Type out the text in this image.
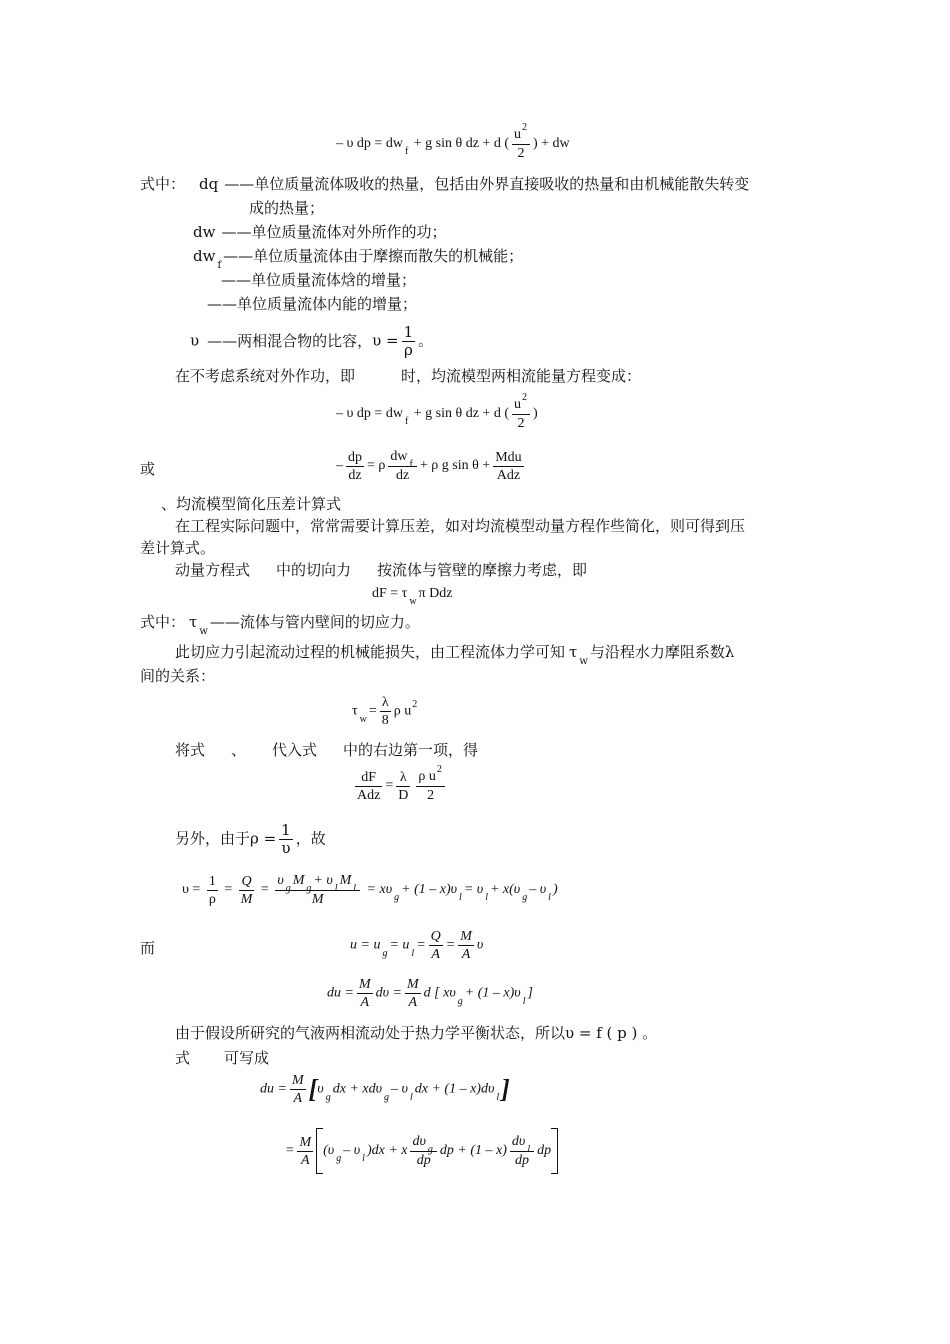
– υ dp = $dw_f + g$ sin θ dz + d ( $\frac{u^2}{2}$ ) + dw
式中： dq ——单位质量流体吸收的热量，包括由外界直接吸收的热量和由机械能散失转变
成的热量；
dw ——单位质量流体对外所作的功；
$dw_f——$单位质量流体由于摩擦而散失的机械能；
——单位质量流体焓的增量；
——单位质量流体内能的增量；
υ ——两相混合物的比容，$\upsilon = \frac{1}{\rho}$ 。
在不考虑系统对外作功，即	时，均流模型两相流能量方程变成：
– υ dp = $dw_f + g$ sin θ dz + d ( $\frac{u^2}{2}$ )
或	– $\frac{dp}{dz} = \rho \frac{dw_f}{dz} + \rho$ g $\sin \theta + \frac{\text{Mdu}}{\text{Adz}}$
、均流模型简化压差计算式
在工程实际问题中，常常需要计算压差，如对均流模型动量方程作些简化，则可得到压
差计算式。
动量方程式 中的切向力 按流体与管壁的摩擦力考虑，即
dF = $\tau_w\pi$ Ddz
式中： $\tau_w——$流体与管内壁间的切应力。
此切应力引起流动过程的机械能损失，由工程流体力学可知 $\tau_w$与沿程水力摩阻系数λ
间的关系：
$\tau_w= \frac{\lambda}{8}$ ρ $u^2$
将式 、 代入式 中的右边第一项，得
$\frac{dF}{\text{Adz}} = \frac{\lambda}{D} \frac{\rho u^2}{2}$
另外，由于$\rho = \frac{1}{\upsilon}$ ，故
$\upsilon = \frac{1}{\rho} = \frac{Q}{M} = \frac{\upsilon_gM_g+ \upsilon_lM_l}{M} = x\upsilon_g+ (1 - x)\upsilon_l= \upsilon_l+ x(\upsilon_g-$ $\upsilon_l$)
而	$u = u_g= u_l= \frac{Q}{A} = \frac{M}{A}$ υ
du = $\frac{M}{A}$ $d\upsilon = \frac{M}{A}$ d [ $x\upsilon_g+ (1 - x)\upsilon_l$]
由于假设所研究的气液两相流动处于热力学平衡状态，所以υ = f ( p ) 。
式 可写成
du = $\frac{M}{A} [\upsilon_gdx + xd\upsilon_g-$ $\upsilon_ldx + (1 - x)d\upsilon_l$]
= $\frac{M}{A} (\upsilon_g-$ $\upsilon_l)dx + x \frac{d\upsilon_g}{dp}$ dp + $(1 - x) \frac{d\upsilon_l}{dp}$ dp
